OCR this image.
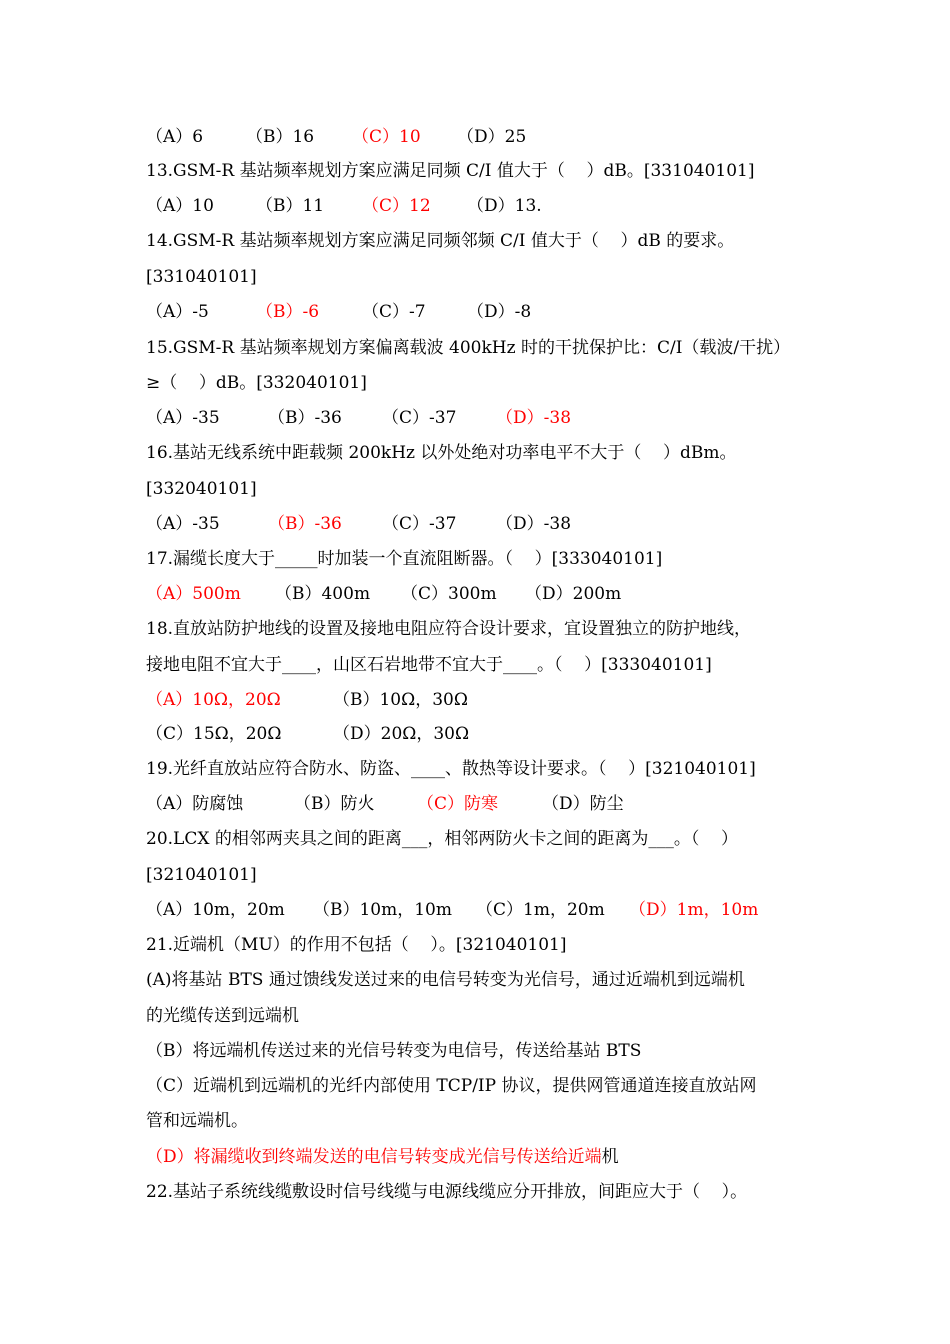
（A）6

	（B）16

（C）10

（D）25

13.GSM-R 基站频率规划方案应满足同频 C/I 值大于（    ）dB。[331040101]

（A）10

（B）11

（C）12

（D）13.

14.GSM-R 基站频率规划方案应满足同频邻频 C/I 值大于（    ）dB 的要求。
[331040101]

（A）-5

	（B）-6

	（C）-7

（D）-8

15.GSM-R 基站频率规划方案偏离载波 400kHz 时的干扰保护比：C/I（载波/干扰）
≥（    ）dB。[332040101]

（A）-35

	（B）-36

（C）-37

（D）-38

16.基站无线系统中距载频 200kHz 以外处绝对功率电平不大于（    ）dBm。
[332040101]

（A）-35

	（B）-36

（C）-37

（D）-38

17.漏缆长度大于_____时加装一个直流阻断器。（    ）[333040101]

（A）500m

（B）400m

（C）300m

（D）200m

18.直放站防护地线的设置及接地电阻应符合设计要求，宜设置独立的防护地线，
接地电阻不宜大于____，山区石岩地带不宜大于____。（    ）[333040101]

（A）10Ω，20Ω

	（B）10Ω，30Ω

（C）15Ω，20Ω

	（D）20Ω，30Ω

19.光纤直放站应符合防水、防盗、____、散热等设计要求。（    ）[321040101]

（A）防腐蚀

	（B）防火

	（C）防寒

	（D）防尘

20.LCX 的相邻两夹具之间的距离___，相邻两防火卡之间的距离为___。（    ）
[321040101]

（A）10m，20m

（B）10m，10m

（C）1m，20m

（D）1m，10m

21.近端机（MU）的作用不包括（    ）。[321040101]
(A)将基站 BTS 通过馈线发送过来的电信号转变为光信号，通过近端机到远端机
的光缆传送到远端机
（B）将远端机传送过来的光信号转变为电信号，传送给基站 BTS
（C）近端机到远端机的光纤内部使用 TCP/IP 协议，提供网管通道连接直放站网
管和远端机。
（D）将漏缆收到终端发送的电信号转变成光信号传送给近端机
22.基站子系统线缆敷设时信号线缆与电源线缆应分开排放，间距应大于（    ）。
